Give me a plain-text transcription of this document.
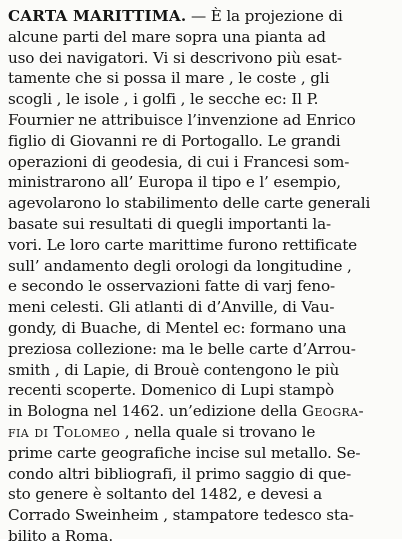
CARTA MARITTIMA. — È la projezione di
alcune parti del mare sopra una pianta ad
uso dei navigatori. Vi si descrivono più esat-
tamente che si possa il mare , le coste , gli
scogli , le isole , i golfi , le secche ec: Il P.
Fournier ne attribuisce l’invenzione ad Enrico
figlio di Giovanni re di Portogallo. Le grandi
operazioni di geodesia, di cui i Francesi som-
ministrarono all’ Europa il tipo e l’ esempio,
agevolarono lo stabilimento delle carte generali
basate sui resultati di quegli importanti la-
vori. Le loro carte marittime furono rettificate
sull’ andamento degli orologi da longitudine ,
e secondo le osservazioni fatte di varj feno-
meni celesti. Gli atlanti di d’Anville, di Vau-
gondy, di Buache, di Mentel ec: formano una
preziosa collezione: ma le belle carte d’Arrou-
smith , di Lapie, di Brouè contengono le più
recenti scoperte. Domenico di Lupi stampò
in Bologna nel 1462. un’edizione della Geogra-
fia di Tolomeo , nella quale si trovano le
prime carte geografiche incise sul metallo. Se-
condo altri bibliografi, il primo saggio di que-
sto genere è soltanto del 1482, e devesi a
Corrado Sweinheim , stampatore tedesco sta-
bilito a Roma.
